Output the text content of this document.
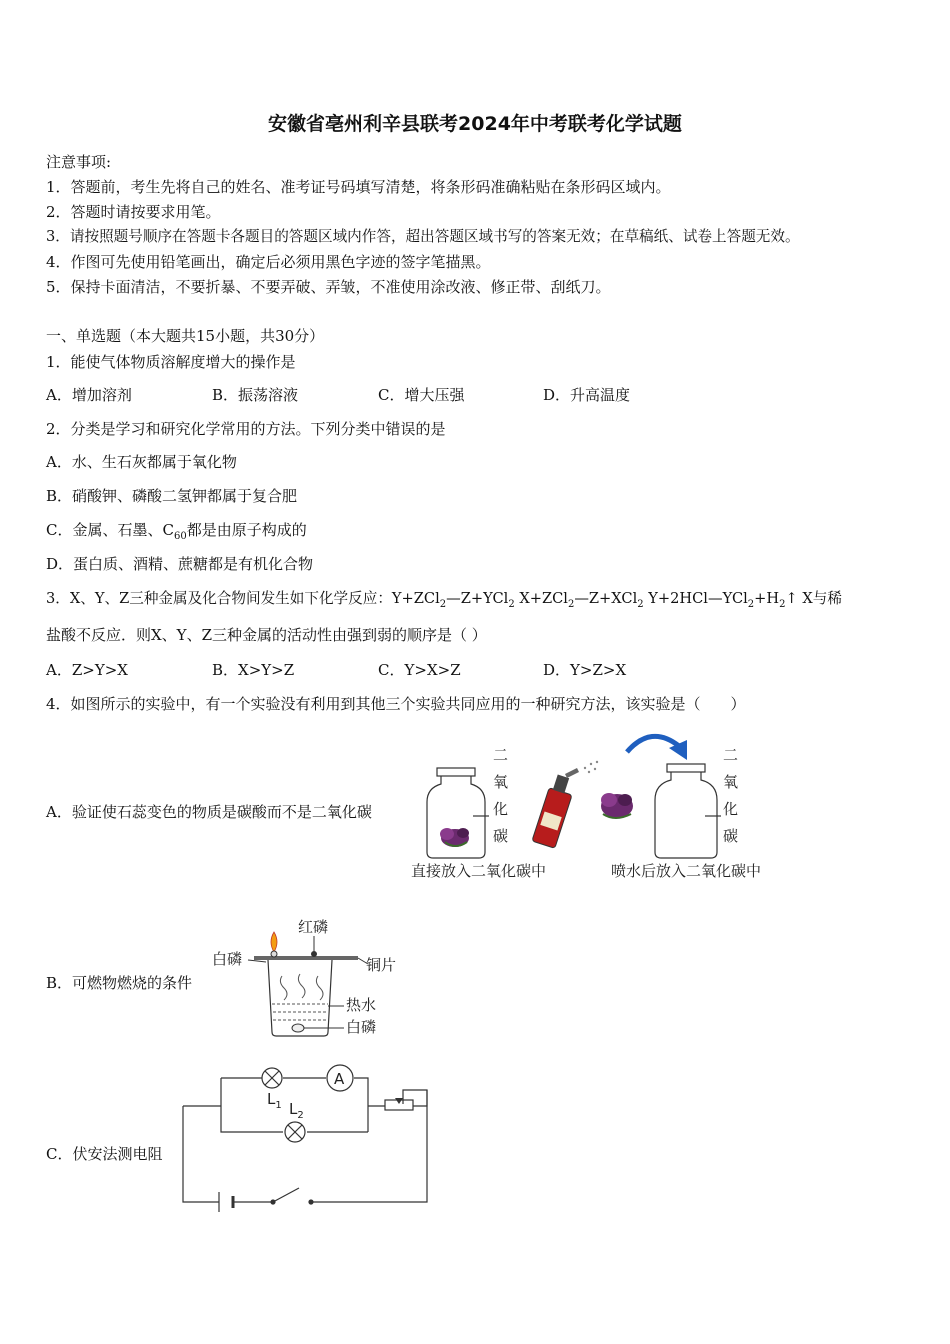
安徽省亳州利辛县联考2024年中考联考化学试题
注意事项:
1．答题前，考生先将自己的姓名、准考证号码填写清楚，将条形码准确粘贴在条形码区域内。
2．答题时请按要求用笔。
3．请按照题号顺序在答题卡各题目的答题区域内作答，超出答题区域书写的答案无效；在草稿纸、试卷上答题无效。
4．作图可先使用铅笔画出，确定后必须用黑色字迹的签字笔描黑。
5．保持卡面清洁，不要折暴、不要弄破、弄皱，不准使用涂改液、修正带、刮纸刀。
一、单选题（本大题共15小题，共30分）
1．能使气体物质溶解度增大的操作是
A．增加溶剂	B．振荡溶液	C．增大压强	D．升高温度
2．分类是学习和研究化学常用的方法。下列分类中错误的是
A．水、生石灰都属于氧化物
B．硝酸钾、磷酸二氢钾都属于复合肥
C．金属、石墨、$C_{60}$都是由原子构成的
D．蛋白质、酒精、蔗糖都是有机化合物
3．X、Y、Z三种金属及化合物间发生如下化学反应：Y+ZCl$_2$—Z+YCl$_2$ X+ZCl$_2$—Z+XCl$_2$ $Y+2HCl—YCl_2+H_2↑$ X与稀
盐酸不反应．则X、Y、Z三种金属的活动性由强到弱的顺序是（ ）
A．Z>Y>X	B．X>Y>Z	C．Y>X>Z	D．Y>Z>X
4．如图所示的实验中，有一个实验没有利用到其他三个实验共同应用的一种研究方法，该实验是（　　）
A．验证使石蕊变色的物质是碳酸而不是二氧化碳
二
氧
化
碳
二
氧
化
碳
直接放入二氧化碳中	喷水后放入二氧化碳中
B．可燃物燃烧的条件
红磷
白磷	铜片
热水
白磷
C．伏安法测电阻
$L_1$
A
$L_2$
